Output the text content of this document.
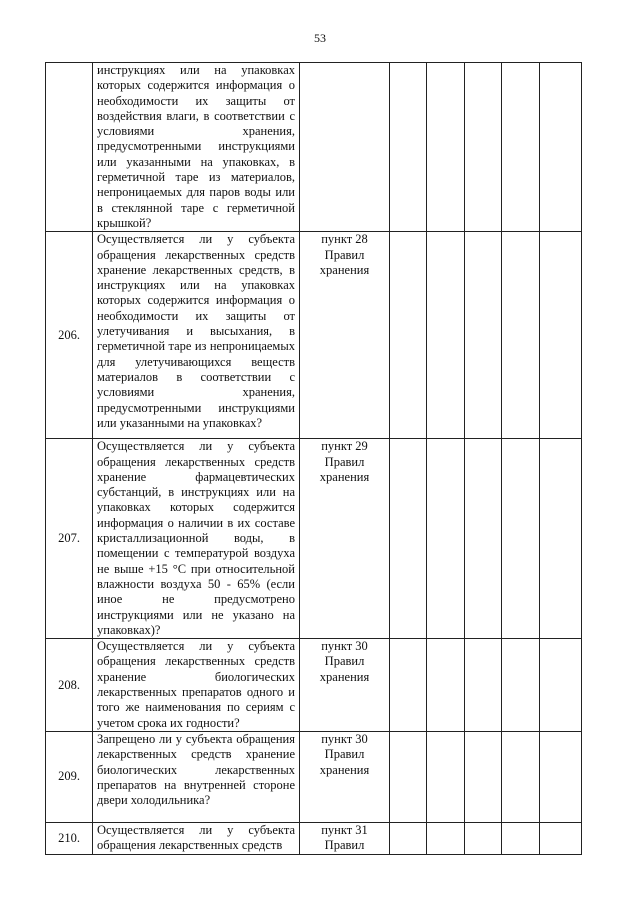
53
	инструкциях или на упаковках которых содержится информация о необходимости их защиты от воздействия влаги, в соответствии с условиями хранения, предусмотренными инструкциями или указанными на упаковках, в герметичной таре из материалов, непроницаемых для паров воды или в стеклянной таре с герметичной крышкой?						
206.	Осуществляется ли у субъекта обращения лекарственных средств хранение лекарственных средств, в инструкциях или на упаковках которых содержится информация о необходимости их защиты от улетучивания и высыхания, в герметичной таре из непроницаемых для улетучивающихся веществ материалов в соответствии с условиями хранения, предусмотренными инструкциями или указанными на упаковках?	пункт 28 Правил хранения					
207.	Осуществляется ли у субъекта обращения лекарственных средств хранение фармацевтических субстанций, в инструкциях или на упаковках которых содержится информация о наличии в их составе кристаллизационной воды, в помещении с температурой воздуха не выше +15 °С при относительной влажности воздуха 50 - 65% (если иное не предусмотрено инструкциями или не указано на упаковках)?	пункт 29 Правил хранения					
208.	Осуществляется ли у субъекта обращения лекарственных средств хранение биологических лекарственных препаратов одного и того же наименования по сериям с учетом срока их годности?	пункт 30 Правил хранения					
209.	Запрещено ли у субъекта обращения лекарственных средств хранение биологических лекарственных препаратов на внутренней стороне двери холодильника?	пункт 30 Правил хранения					
210.	Осуществляется ли у субъекта обращения лекарственных средств	пункт 31 Правил					
